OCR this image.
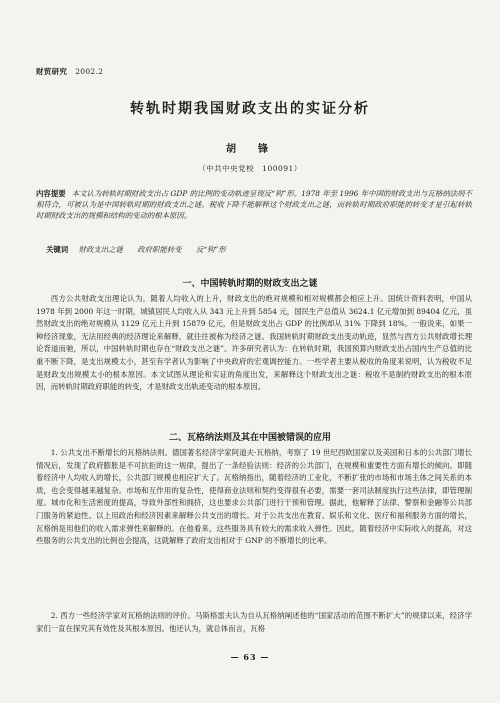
财贸研究 2002.2
转轨时期我国财政支出的实证分析
胡　锋
（中共中央党校　100091）
内容提要 本文认为转轨时期财政支出占 GDP 的比例的变动轨迹呈现反“钩”形。1978 年至 1996 年中国的财政支出与瓦格纳法则不相符合，可被认为是中国转轨时期的财政支出之谜。税收下降不能解释这个财政支出之谜，而转轨时期政府职能的转变才是引起转轨时期财政支出的规模和结构的变动的根本原因。
关键词 财政支出之谜 政府职能转变 反“钩”形
一、中国转轨时期的财政支出之谜
西方公共财政支出理论认为，随着人均收入的上升，财政支出的绝对规模和相对规模都会相应上升。国统计资料表明，中国从 1978 年到 2000 年这一时期，城镇居民人均收入从 343 元上升到 5854 元，国民生产总值从 3624.1 亿元增加到 89404 亿元，虽然财政支出的绝对规模从 1129 亿元上升到 15879 亿元，但是财政支出占 GDP 的比例却从 31% 下降到 18%。一般说来，如果一种经济现象，无法用经典的经济理论来解释，就往往被称为经济之谜。我国转轨时期财政支出变动轨迹，显然与西方公共财政增长理论背道而驰，所以，中国转轨时期也存在“财政支出之谜”。许多研究者认为：在转轨时期，我国预算内财政支出占国内生产总值的比重不断下降，是支出规模太小，甚至有学者认为影响了中央政府的宏观调控能力。一些学者主要从税收的角度来说明，认为税收不足是财政支出规模太小的根本原因。本文试图从理论和实证的角度出发，来解释这个财政支出之谜：税收不是制约财政支出的根本原因，而转轨时期政府职能的转变，才是财政支出轨迹变动的根本原因。
二、瓦格纳法则及其在中国被错误的应用
1. 公共支出不断增长的瓦格纳法则。德国著名经济学家阿道夫·瓦格纳，考察了 19 世纪西欧国家以及美国和日本的公共部门增长情况后，发现了政府膨胀是不可抗拒的这一规律，提出了一条经验法则：经济的公共部门，在规模和重要性方面有增长的倾向。即随着经济中人均收入的增长，公共部门规模也相应扩大了。瓦格纳指出，随着经济的工业化，不断扩张的市场和市场主体之间关系的本质，也会变得越来越复杂。市场和互作用的复杂性，使得商业法则和契约变得很有必要，需要一套司法制度执行这些法律，即管理制度。城市化和生活密度的提高，导致外部性和拥挤，这也要求公共部门进行干预和管理。据此，他解释了法律、警察和金融等公共部门服务的紧迫性。以上用政治和经济因素来解释公共支出的增长。对于公共支出在教育、娱乐和文化、医疗和福利服务方面的增长，瓦格纳是用他们的收入需求弹性来解释的。在他看来，这些服务具有较大的需求收入弹性。因此，随着经济中实际收入的提高，对这些服务的公共支出的比例也会提高，这就解释了政府支出相对于 GNP 的不断增长的比率。
2. 西方一些经济学家对瓦格纳法则的评价。马斯格雷夫认为自从瓦格纳阐述他的“国家活动的范围不断扩大”的规律以来，经济学家们一直在探究其有效性及其根本原因。他还认为，就总体而言，瓦格
— 63 —
